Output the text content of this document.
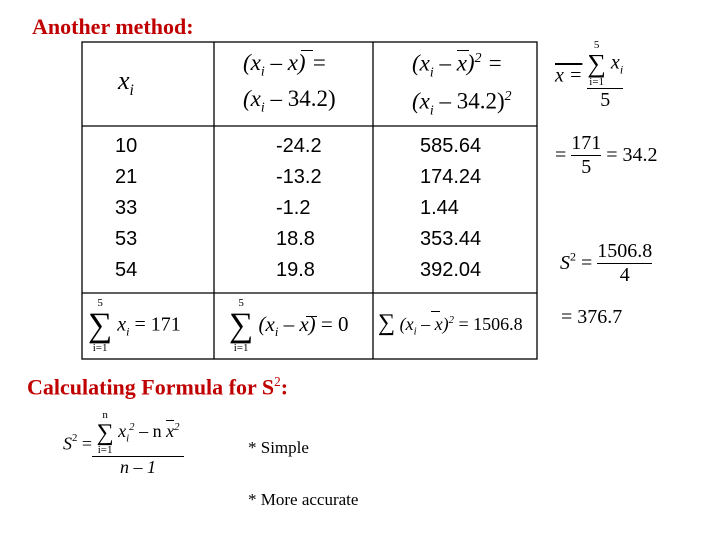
Another method:
Calculating Formula for $S^2$:
$x_i$
$(x_i - x)$ =
$(x_i - 34.2)$
$(x_i - x)^2$ =
$(x_i - 34.2)^2$
10
21
33
53
54
-24.2
-13.2
-1.2
18.8
19.8
585.64
174.24
1.44
353.44
392.04
5
∑
i=1
$x_i = 171$
5
∑
i=1
$(x_i - x) = 0$ ∑ $(x_i - x)^2 = 1506.8$
x = 5
∑
i=1
$x_i$
5
= $\frac{171}{5} = 34.2$
$S^2 = \frac{1506.8}{4}$
= 376.7
$S^2 = n$
∑
i=1
$x_i^2$ – n $\overline{x}^2$
n – 1	* Simple
* More accurate
